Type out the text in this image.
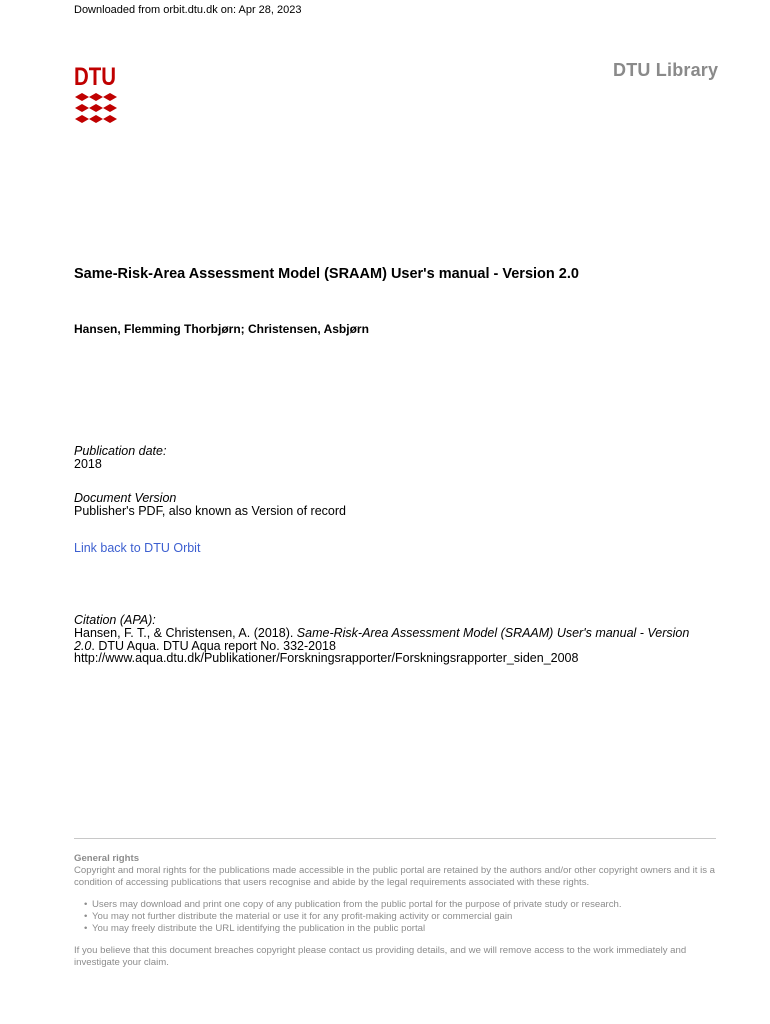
Downloaded from orbit.dtu.dk on: Apr 28, 2023
DTU	DTU Library
Same-Risk-Area Assessment Model (SRAAM) User's manual - Version 2.0
Hansen, Flemming Thorbjørn; Christensen, Asbjørn
Publication date:
2018
Document Version
Publisher's PDF, also known as Version of record
Link back to DTU Orbit
Citation (APA):
Hansen, F. T., & Christensen, A. (2018). Same-Risk-Area Assessment Model (SRAAM) User's manual - Version
2.0. DTU Aqua. DTU Aqua report No. 332-2018
http://www.aqua.dtu.dk/Publikationer/Forskningsrapporter/Forskningsrapporter_siden_2008
General rights
Copyright and moral rights for the publications made accessible in the public portal are retained by the authors and/or other copyright owners and it is a condition of accessing publications that users recognise and abide by the legal requirements associated with these rights.
• Users may download and print one copy of any publication from the public portal for the purpose of private study or research.
• You may not further distribute the material or use it for any profit-making activity or commercial gain
• You may freely distribute the URL identifying the publication in the public portal
If you believe that this document breaches copyright please contact us providing details, and we will remove access to the work immediately and investigate your claim.
